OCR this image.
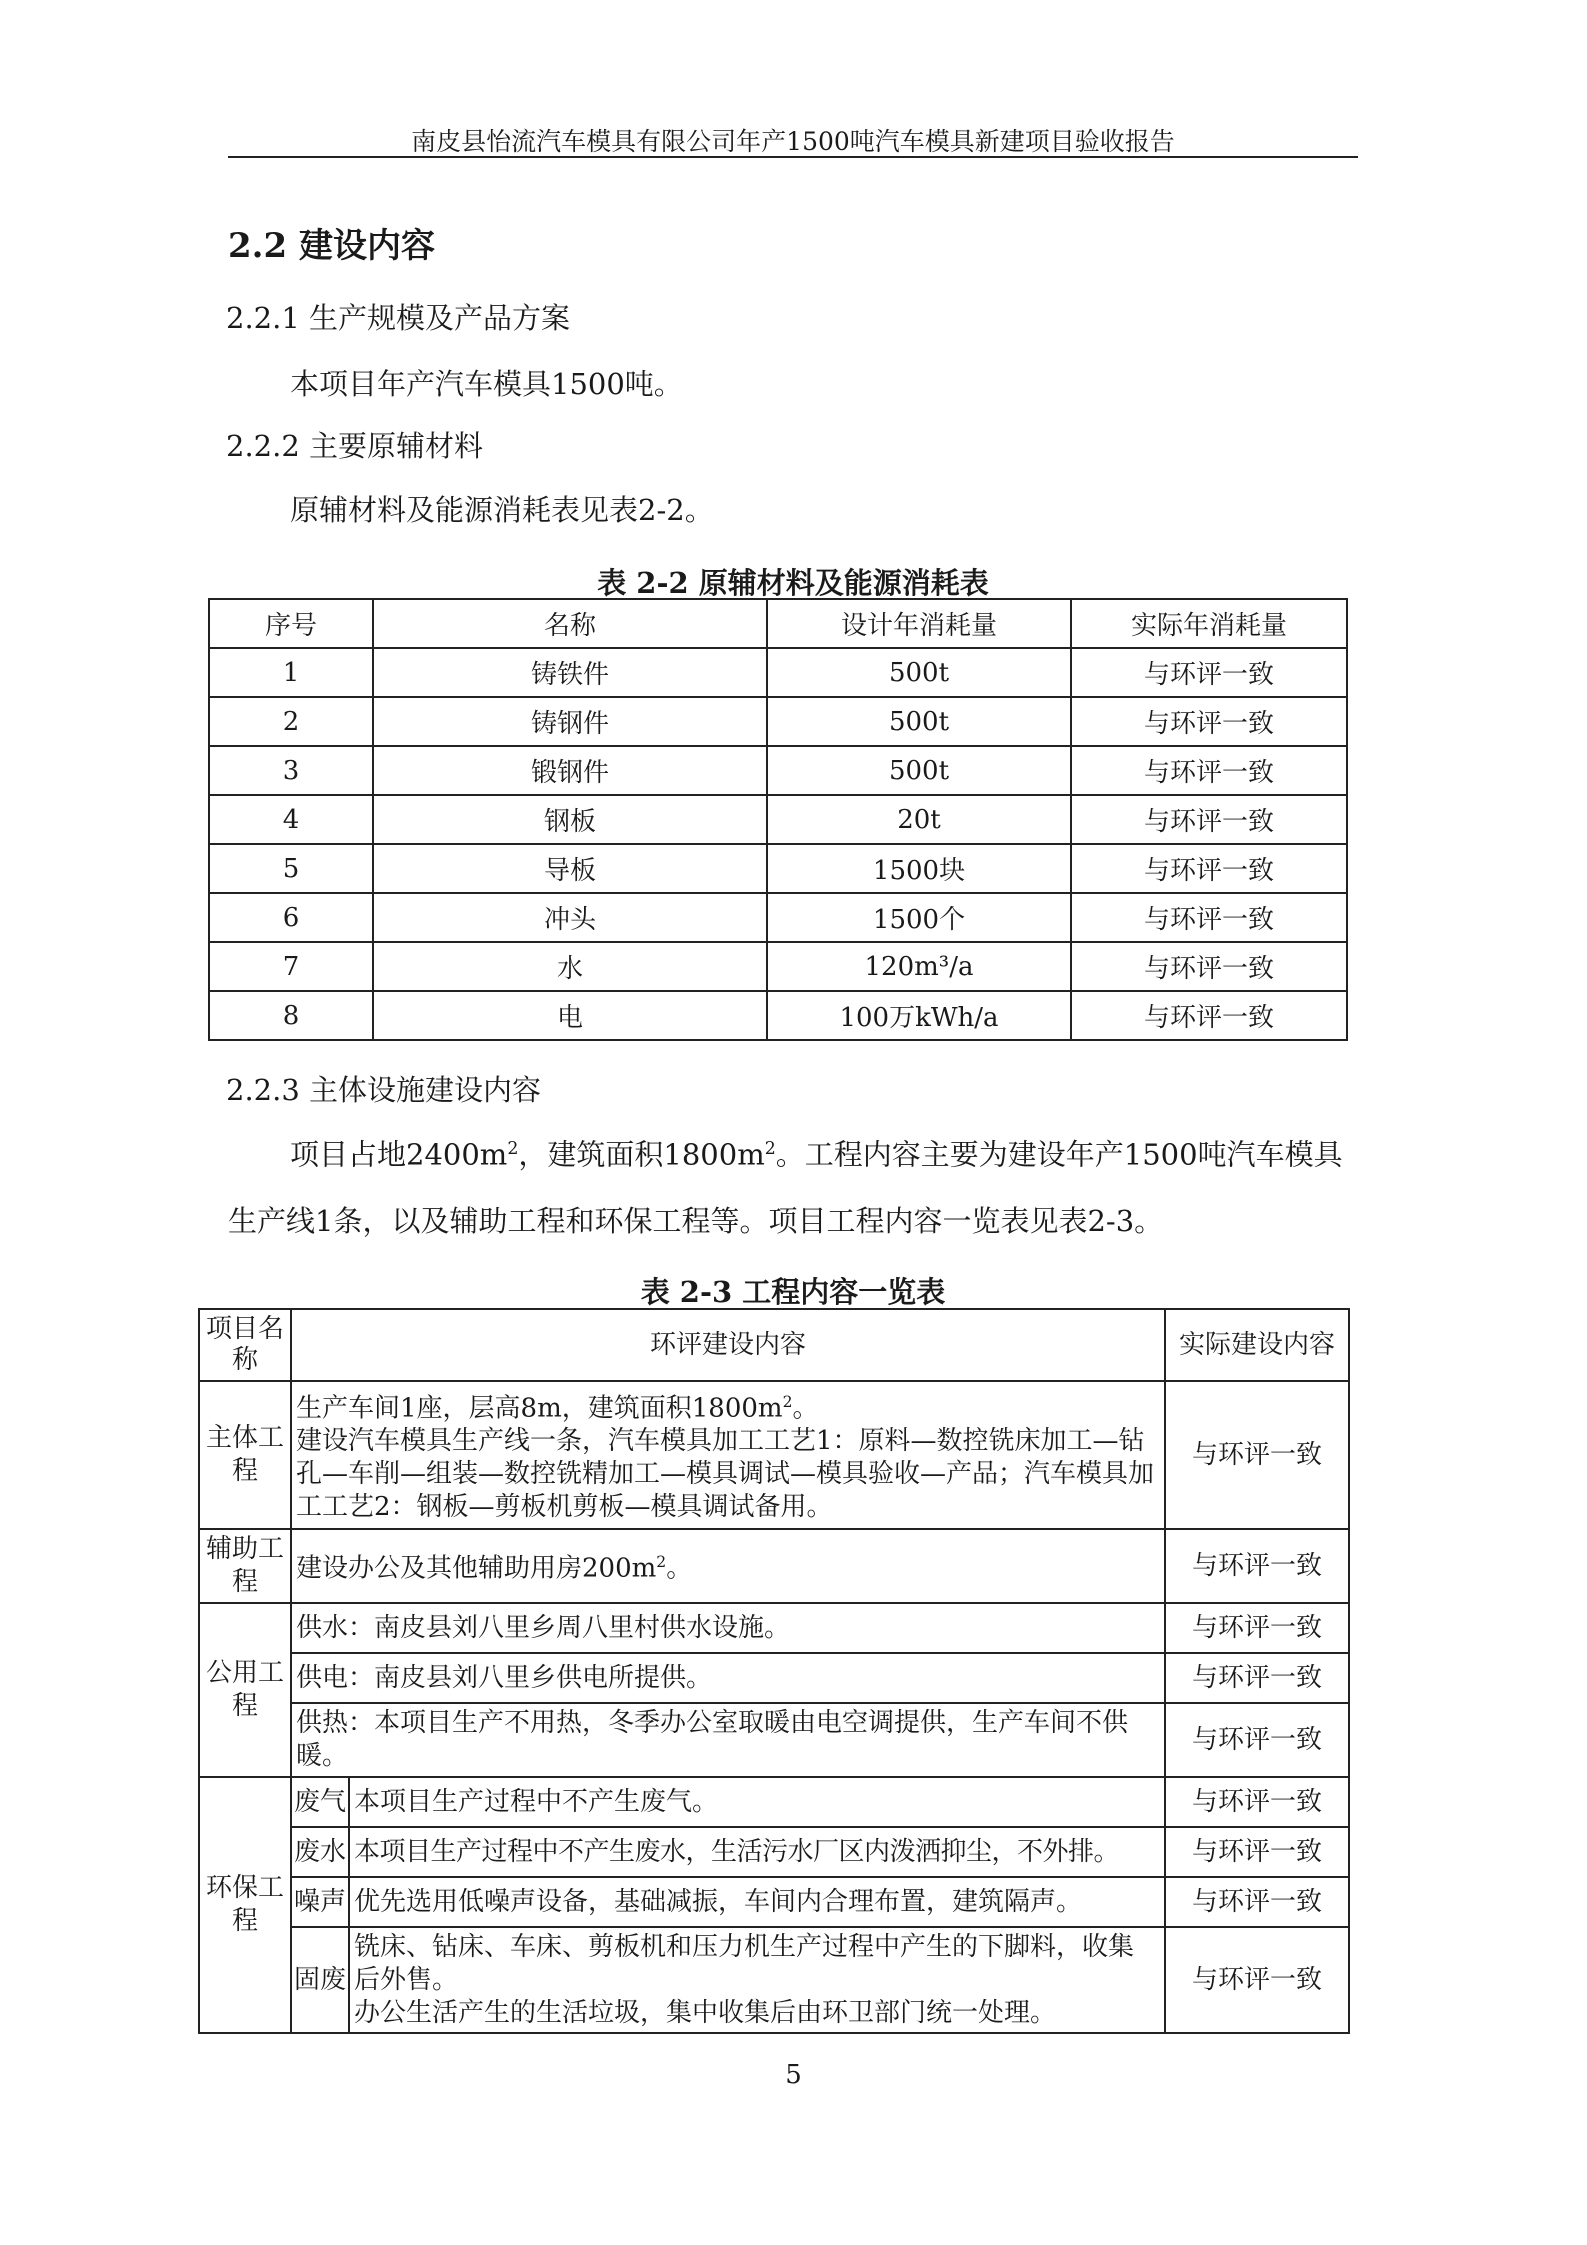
南皮县怡流汽车模具有限公司年产1500吨汽车模具新建项目验收报告
2.2 建设内容
2.2.1 生产规模及产品方案
本项目年产汽车模具1500吨。
2.2.2 主要原辅材料
原辅材料及能源消耗表见表2-2。
表 2-2 原辅材料及能源消耗表
序号	名称	设计年消耗量	实际年消耗量
1	铸铁件	500t	与环评一致
2	铸钢件	500t	与环评一致
3	锻钢件	500t	与环评一致
4	钢板	20t	与环评一致
5	导板	1500块	与环评一致
6	冲头	1500个	与环评一致
7	水	120m³/a	与环评一致
8	电	100万kWh/a	与环评一致
2.2.3 主体设施建设内容
项目占地$2400m^2$，建筑面积$1800m^2$。工程内容主要为建设年产1500吨汽车模具生产线1条，以及辅助工程和环保工程等。项目工程内容一览表见表2-3。
表 2-3 工程内容一览表
项目名称	环评建设内容		实际建设内容
主体工程	生产车间1座，层高8m，建筑面积$1800m^2$。
建设汽车模具生产线一条，汽车模具加工工艺1：原料—数控铣床加工—钻孔—车削—组装—数控铣精加工—模具调试—模具验收—产品；汽车模具加工工艺2：钢板—剪板机剪板—模具调试备用。		与环评一致
辅助工程	建设办公及其他辅助用房$200m^2$。		与环评一致
公用工程	供水：南皮县刘八里乡周八里村供水设施。		与环评一致
	供电：南皮县刘八里乡供电所提供。		与环评一致
	供热：本项目生产不用热，冬季办公室取暖由电空调提供，生产车间不供暖。		与环评一致
环保工程	废气	本项目生产过程中不产生废气。	与环评一致
	废水	本项目生产过程中不产生废水，生活污水厂区内泼洒抑尘，不外排。	与环评一致
	噪声	优先选用低噪声设备，基础减振，车间内合理布置，建筑隔声。	与环评一致
	固废	铣床、钻床、车床、剪板机和压力机生产过程中产生的下脚料，收集后外售。
办公生活产生的生活垃圾，集中收集后由环卫部门统一处理。	与环评一致
5
